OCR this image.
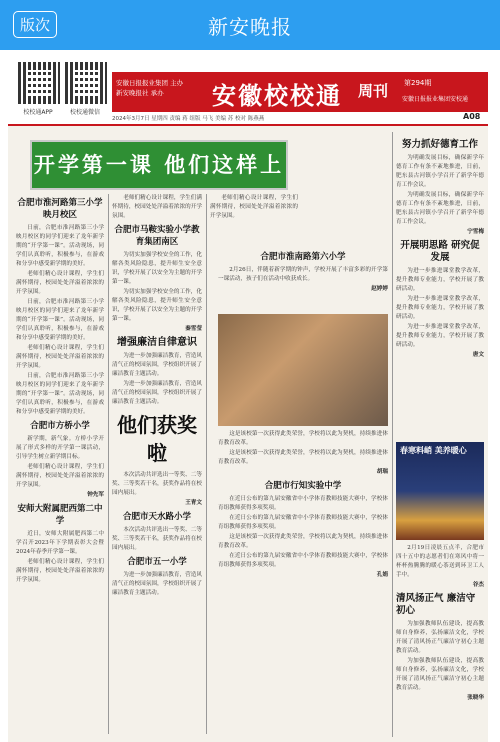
版次	新安晚报
校校通APP	校校通微信
安徽日报报业集团 主办
新安晚报社 承办	安徽校校通 周刊 第294期
安徽日报报业集团安校通
A08
2024年3月7日 星期四 责编 蒋 组版 马飞 美编 苏 校对 陈燕燕
开学第一课 他们这样上
合肥市淮河路第三小学映月校区

日前，合肥市淮河路第三小学映月校区的同学们迎来了龙年新学期的“开学第一课”。活动现场，同学们认真聆听，积极参与，在游戏和分享中感受新学期的美好。

老师们精心设计课程，学生们满怀期待，校园处处洋溢着浓浓的开学氛围。

日前，合肥市淮河路第三小学映月校区的同学们迎来了龙年新学期的“开学第一课”。活动现场，同学们认真聆听，积极参与，在游戏和分享中感受新学期的美好。

老师们精心设计课程，学生们满怀期待，校园处处洋溢着浓浓的开学氛围。

日前，合肥市淮河路第三小学映月校区的同学们迎来了龙年新学期的“开学第一课”。活动现场，同学们认真聆听，积极参与，在游戏和分享中感受新学期的美好。

合肥市方桥小学

新学期，新气象。方桥小学开展了形式多样的开学第一课活动，引导学生树立新学期目标。

老师们精心设计课程，学生们满怀期待，校园处处洋溢着浓浓的开学氛围。

钟先军
安师大附属肥西第二中学

近日，安师大附属肥西第二中学召开2023年下学期表彰大会暨2024年春季开学第一课。

老师们精心设计课程，学生们满怀期待，校园处处洋溢着浓浓的开学氛围。

老师们精心设计课程，学生们满怀期待，校园处处洋溢着浓浓的开学氛围。

合肥市马鞍实验小学教育集团南区

为切实加强学校安全的工作，化解各类风险隐患，提升师生安全意识，学校开展了以安全为主题的开学第一课。

为切实加强学校安全的工作，化解各类风险隐患，提升师生安全意识，学校开展了以安全为主题的开学第一课。

秦雪莹
增强廉洁自律意识

为进一步加强廉洁教育，营造风清气正的校园氛围，学校组织开展了廉洁教育主题活动。

为进一步加强廉洁教育，营造风清气正的校园氛围，学校组织开展了廉洁教育主题活动。

他们获奖啦

本次活动共评选出一等奖、二等奖、三等奖若干名，获奖作品将在校园内展出。

王青文
合肥市天水路小学

本次活动共评选出一等奖、二等奖、三等奖若干名，获奖作品将在校园内展出。

合肥市五一小学

为进一步加强廉洁教育，营造风清气正的校园氛围，学校组织开展了廉洁教育主题活动。

老师们精心设计课程，学生们满怀期待，校园处处洋溢着浓浓的开学氛围。

合肥市淮南路第六小学

2月26日，伴随着新学期的钟声，学校开展了丰富多彩的开学第一课活动，孩子们在活动中收获成长。

赵婷婷

这是该校第一次获得此类荣誉，学校将以此为契机，持续推进体育教育改革。

这是该校第一次获得此类荣誉，学校将以此为契机，持续推进体育教育改革。

胡瑞
合肥市行知实验中学

在近日公布的第九届安徽省中小学体育教师技能大赛中，学校体育组教师获得多项奖项。

在近日公布的第九届安徽省中小学体育教师技能大赛中，学校体育组教师获得多项奖项。

这是该校第一次获得此类荣誉，学校将以此为契机，持续推进体育教育改革。

在近日公布的第九届安徽省中小学体育教师技能大赛中，学校体育组教师获得多项奖项。

孔娟
努力抓好德育工作

为明确发展目标，确保新学年德育工作有条不紊地推进，日前，肥东县古河镇小学召开了新学年德育工作会议。

为明确发展目标，确保新学年德育工作有条不紊地推进，日前，肥东县古河镇小学召开了新学年德育工作会议。

宁雪梅
开展明思路 研究促发展

为进一步推进课堂教学改革，提升教师专业能力，学校开展了教研活动。

为进一步推进课堂教学改革，提升教师专业能力，学校开展了教研活动。

为进一步推进课堂教学改革，提升教师专业能力，学校开展了教研活动。

唐文
春寒料峭 美养暖心

2月19日凌晨五点半，合肥市四十五中的志愿者们在寒风中将一杯杯热腾腾的暖心茶送到环卫工人手中。

谷杰
清风扬正气 廉洁守初心

为加强教师队伍建设，提高教师自身修养，弘扬廉洁文化，学校开展了清风扬正气廉洁守初心主题教育活动。

为加强教师队伍建设，提高教师自身修养，弘扬廉洁文化，学校开展了清风扬正气廉洁守初心主题教育活动。

张晓华
